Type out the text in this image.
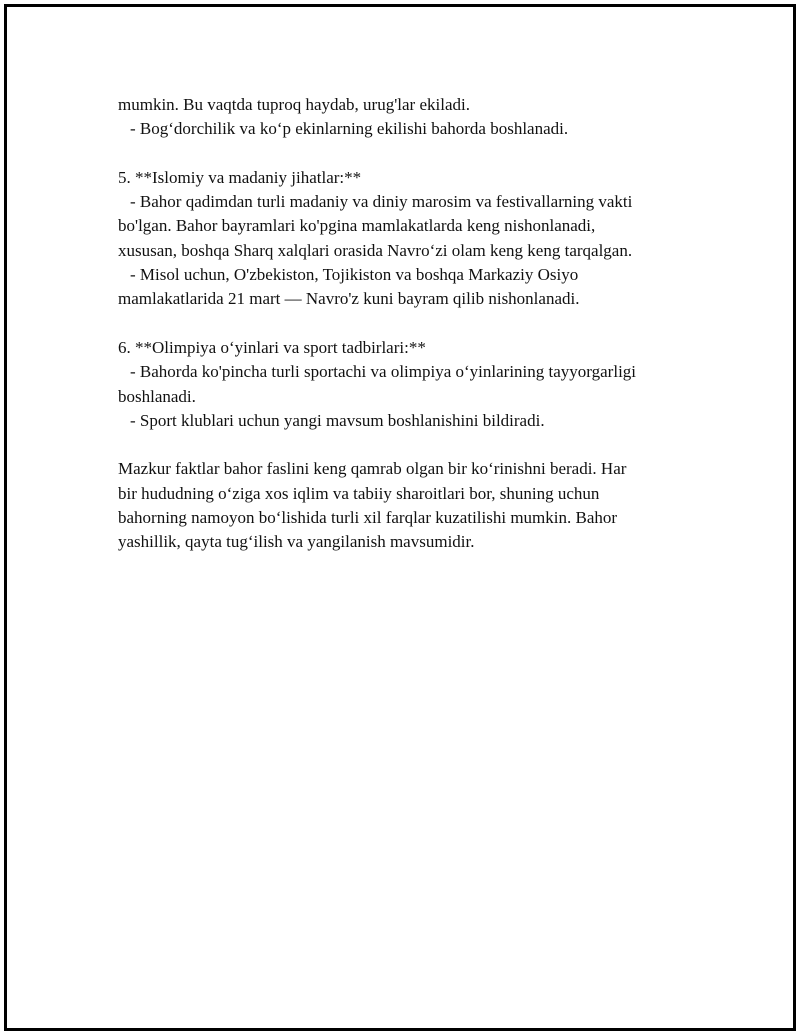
mumkin. Bu vaqtda tuproq haydab, urug'lar ekiladi.
- Bog‘dorchilik va ko‘p ekinlarning ekilishi bahorda boshlanadi.
5. **Islomiy va madaniy jihatlar:**
- Bahor qadimdan turli madaniy va diniy marosim va festivallarning vakti
bo'lgan. Bahor bayramlari ko'pgina mamlakatlarda keng nishonlanadi,
xususan, boshqa Sharq xalqlari orasida Navro‘zi olam keng keng tarqalgan.
- Misol uchun, O'zbekiston, Tojikiston va boshqa Markaziy Osiyo
mamlakatlarida 21 mart — Navro'z kuni bayram qilib nishonlanadi.
6. **Olimpiya o‘yinlari va sport tadbirlari:**
- Bahorda ko'pincha turli sportachi va olimpiya o‘yinlarining tayyorgarligi
boshlanadi.
- Sport klublari uchun yangi mavsum boshlanishini bildiradi.
Mazkur faktlar bahor faslini keng qamrab olgan bir ko‘rinishni beradi. Har
bir hududning o‘ziga xos iqlim va tabiiy sharoitlari bor, shuning uchun
bahorning namoyon bo‘lishida turli xil farqlar kuzatilishi mumkin. Bahor
yashillik, qayta tug‘ilish va yangilanish mavsumidir.
